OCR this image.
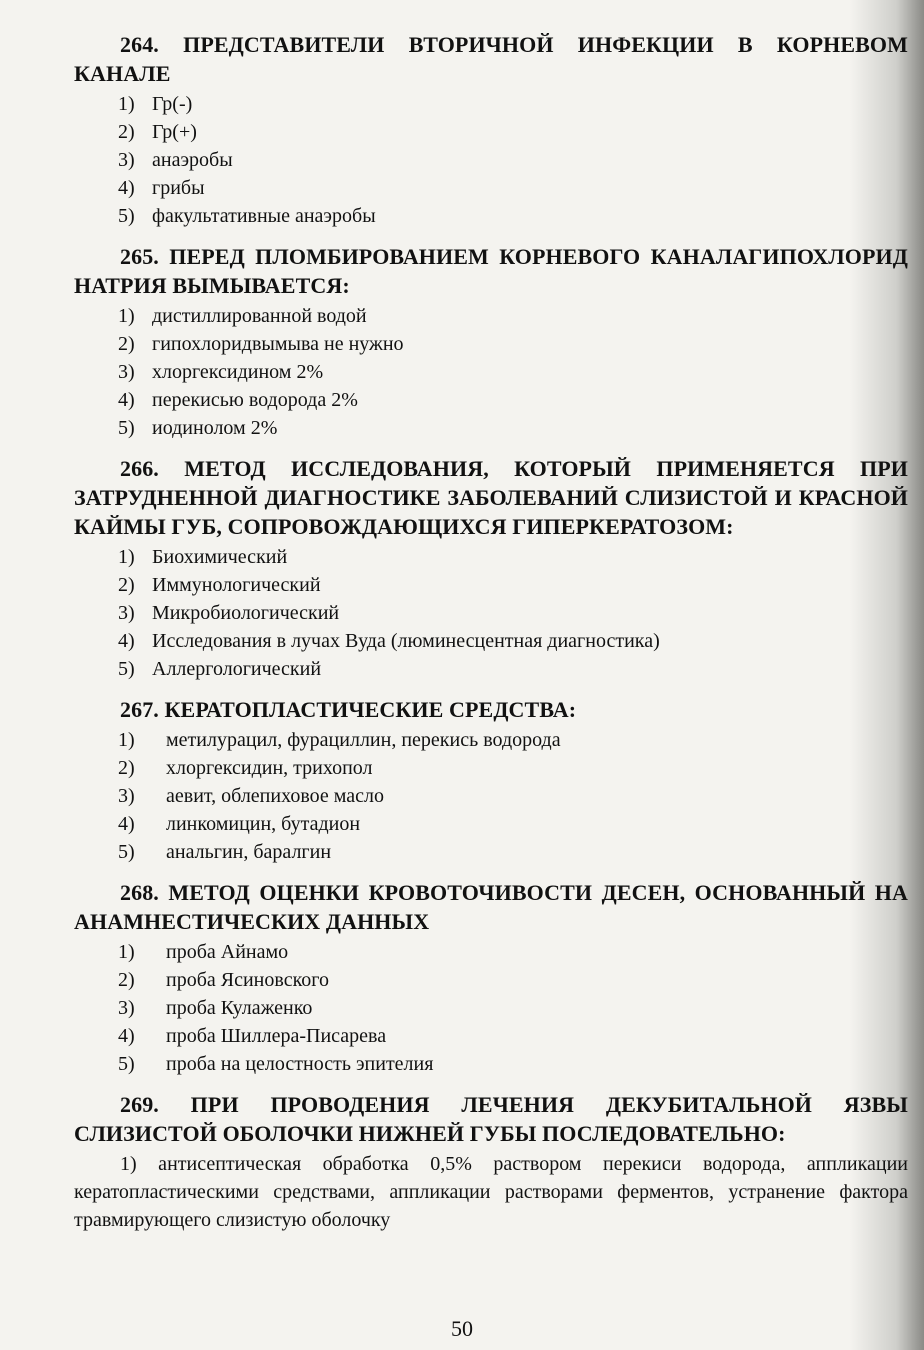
264. ПРЕДСТАВИТЕЛИ ВТОРИЧНОЙ ИНФЕКЦИИ В КОРНЕВОМ КАНАЛЕ
1) Гр(-)
2) Гр(+)
3) анаэробы
4) грибы
5) факультативные анаэробы
265. ПЕРЕД ПЛОМБИРОВАНИЕМ КОРНЕВОГО КАНАЛАГИПОХЛОРИД НАТРИЯ ВЫМЫВАЕТСЯ:
1) дистиллированной водой
2) гипохлоридвымыва не нужно
3) хлоргексидином 2%
4) перекисью водорода 2%
5) иодинолом 2%
266. МЕТОД ИССЛЕДОВАНИЯ, КОТОРЫЙ ПРИМЕНЯЕТСЯ ПРИ ЗАТРУДНЕННОЙ ДИАГНОСТИКЕ ЗАБОЛЕВАНИЙ СЛИЗИСТОЙ И КРАСНОЙ КАЙМЫ ГУБ, СОПРОВОЖДАЮЩИХСЯ ГИПЕРКЕРАТОЗОМ:
1) Биохимический
2) Иммунологический
3) Микробиологический
4) Исследования в лучах Вуда (люминесцентная диагностика)
5) Аллергологический
267. КЕРАТОПЛАСТИЧЕСКИЕ СРЕДСТВА:
1)	метилурацил, фурациллин, перекись водорода
2)	хлоргексидин, трихопол
3)	аевит, облепиховое масло
4)	линкомицин, бутадион
5)	анальгин, баралгин
268. МЕТОД ОЦЕНКИ КРОВОТОЧИВОСТИ ДЕСЕН, ОСНОВАННЫЙ НА АНАМНЕСТИЧЕСКИХ ДАННЫХ
1)	проба Айнамо
2)	проба Ясиновского
3)	проба Кулаженко
4)	проба Шиллера-Писарева
5)	проба на целостность эпителия
269. ПРИ ПРОВОДЕНИЯ ЛЕЧЕНИЯ ДЕКУБИТАЛЬНОЙ ЯЗВЫ СЛИЗИСТОЙ ОБОЛОЧКИ НИЖНЕЙ ГУБЫ ПОСЛЕДОВАТЕЛЬНО:

1) антисептическая обработка 0,5% раствором перекиси водорода, аппликации кератопластическими средствами, аппликации растворами ферментов, устранение фактора травмирующего слизистую оболочку

50
